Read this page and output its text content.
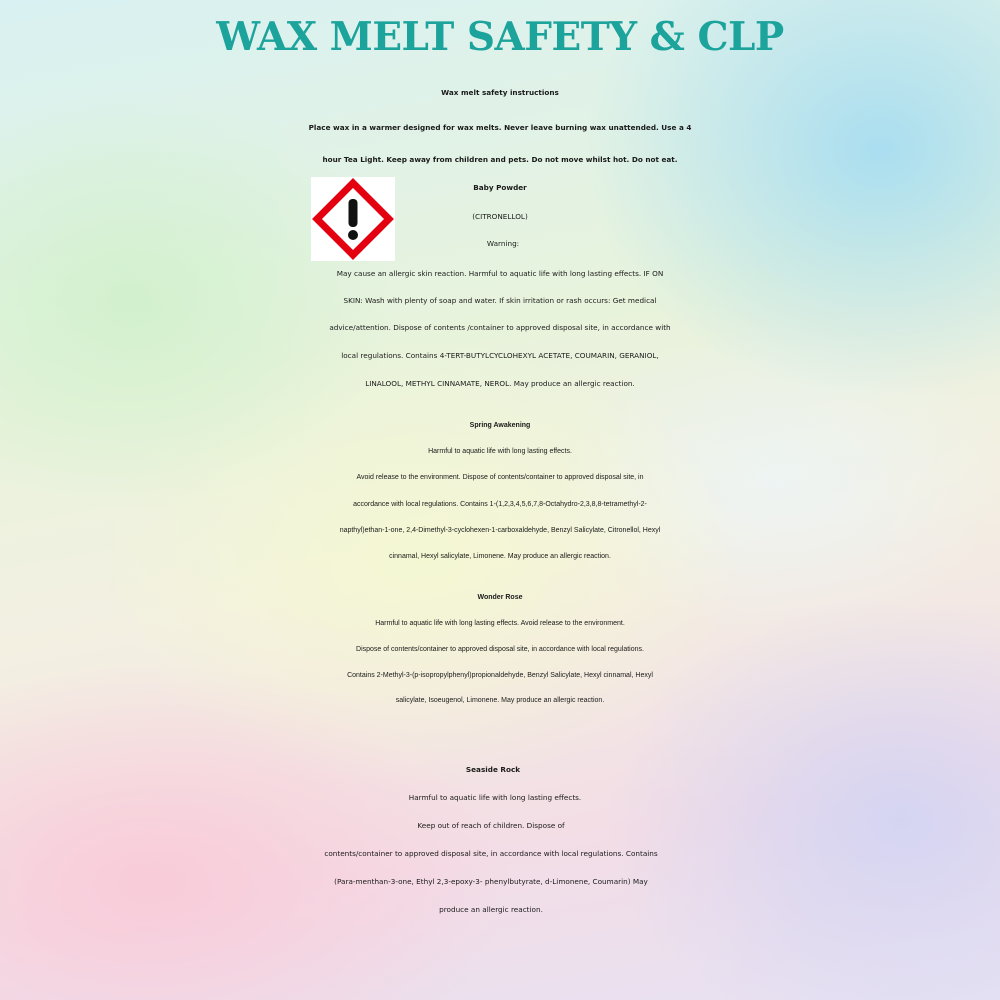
WAX MELT SAFETY & CLP
Wax melt safety instructions
Place wax in a warmer designed for wax melts. Never leave burning wax unattended. Use a 4
hour Tea Light. Keep away from children and pets. Do not move whilst hot. Do not eat.
Baby Powder
(CITRONELLOL)
Warning:
May cause an allergic skin reaction. Harmful to aquatic life with long lasting effects. IF ON
SKIN: Wash with plenty of soap and water. If skin irritation or rash occurs: Get medical
advice/attention. Dispose of contents /container to approved disposal site, in accordance with
local regulations. Contains 4-TERT-BUTYLCYCLOHEXYL ACETATE, COUMARIN, GERANIOL,
LINALOOL, METHYL CINNAMATE, NEROL. May produce an allergic reaction.
Spring Awakening
Harmful to aquatic life with long lasting effects.
Avoid release to the environment. Dispose of contents/container to approved disposal site, in
accordance with local regulations. Contains 1-(1,2,3,4,5,6,7,8-Octahydro-2,3,8,8-tetramethyl-2-
napthyl)ethan-1-one, 2,4-Dimethyl-3-cyclohexen-1-carboxaldehyde, Benzyl Salicylate, Citronellol, Hexyl
cinnamal, Hexyl salicylate, Limonene. May produce an allergic reaction.
Wonder Rose
Harmful to aquatic life with long lasting effects. Avoid release to the environment.
Dispose of contents/container to approved disposal site, in accordance with local regulations.
Contains 2-Methyl-3-(p-isopropylphenyl)propionaldehyde, Benzyl Salicylate, Hexyl cinnamal, Hexyl
salicylate, Isoeugenol, Limonene. May produce an allergic reaction.
Seaside Rock
Harmful to aquatic life with long lasting effects.
Keep out of reach of children. Dispose of
contents/container to approved disposal site, in accordance with local regulations. Contains
(Para-menthan-3-one, Ethyl 2,3-epoxy-3- phenylbutyrate, d-Limonene, Coumarin) May
produce an allergic reaction.
